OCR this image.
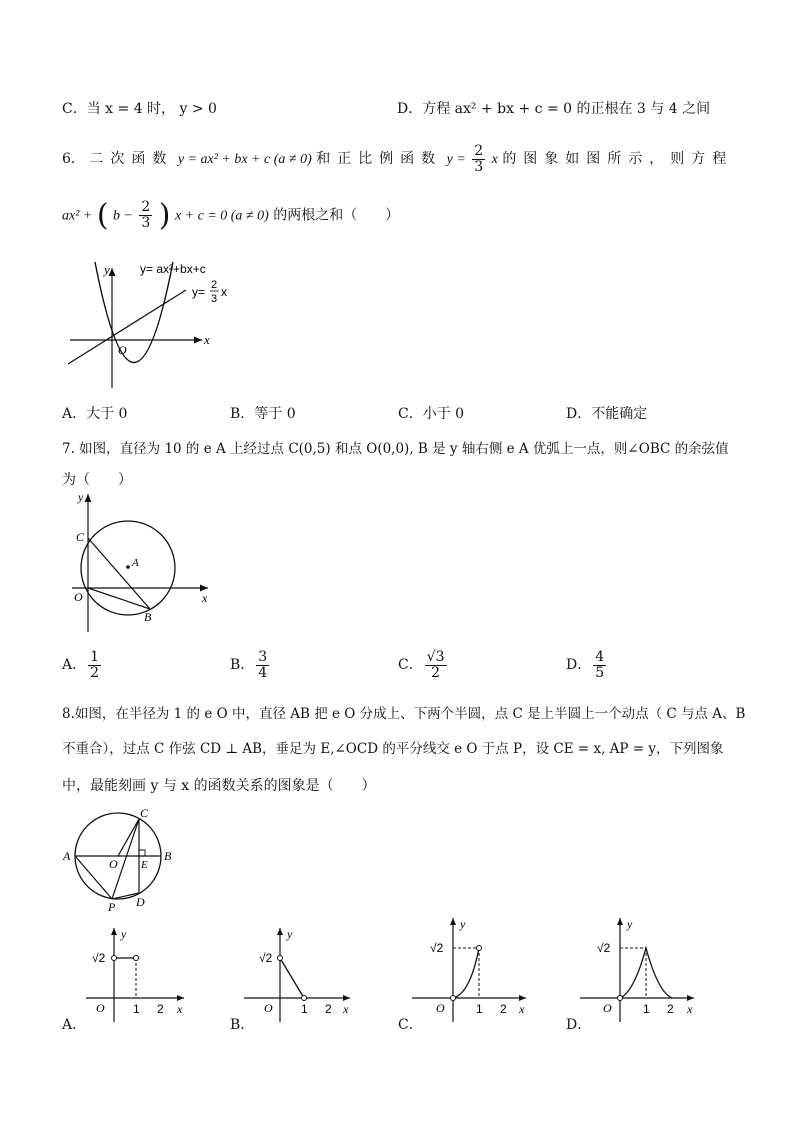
C．当 x = 4 时， y > 0	D．方程 ax² + bx + c = 0 的正根在 3 与 4 之间
6． 二次函数 y = ax² + bx + c (a ≠ 0) 和正比例函数 $y = \frac{2}{3}$ x 的图象如图所示，则方程
ax² + ( $b - \frac{2}{3}$ ) x + c = 0 (a ≠ 0) 的两根之和（　　）
y
x
O
y= ax²+bx+c
y= 2
3 x
A．大于 0	B．等于 0	C．小于 0	D．不能确定
7. 如图，直径为 10 的 e A 上经过点 C(0,5) 和点 O(0,0), B 是 y 轴右侧 e A 优弧上一点，则∠OBC 的余弦值
为（　　）
y
x
C
A
O
B
A． $\frac{1}{2}$	B． $\frac{3}{4}$	C． $\frac{√3}{2}$	D． $\frac{4}{5}$
8.如图，在半径为 1 的 e O 中，直径 AB 把 e O 分成上、下两个半圆，点 C 是上半圆上一个动点（ C 与点 A、B
不重合），过点 C 作弦 CD ⊥ AB，垂足为 E,∠OCD 的平分线交 e O 于点 P，设 CE = x, AP = y，下列图象
中，最能刻画 y 与 x 的函数关系的图象是（　　）
A	B
C
D
E
O
P
y
x
O 1 2
√2
y
x
O 1 2
√2
y
x
O	1 2
√2
y
x
O	1 2
√2
A．	B．	C．	D．
